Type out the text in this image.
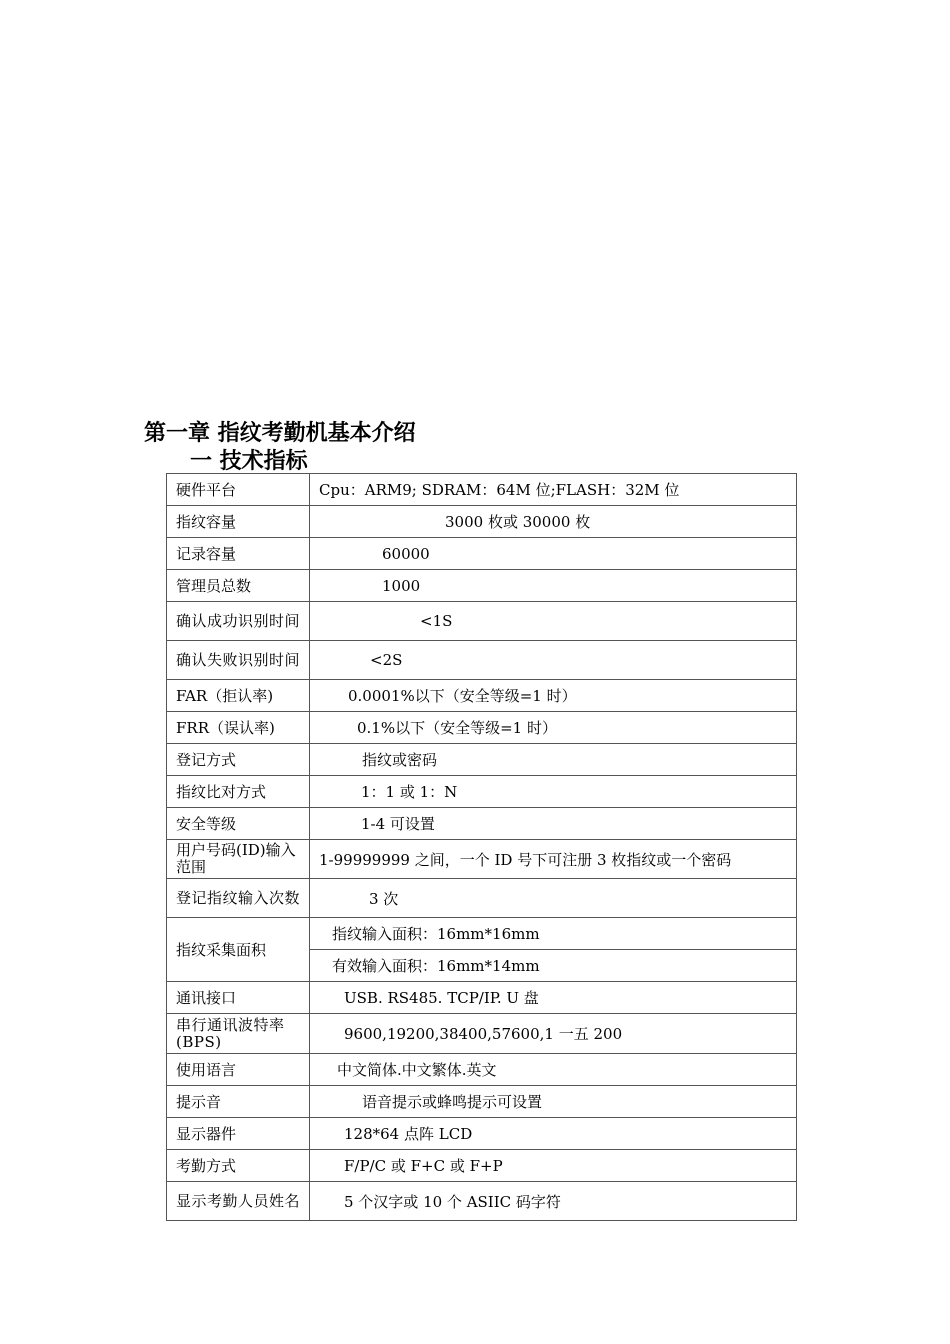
第一章 指纹考勤机基本介绍
一 技术指标
硬件平台	Cpu：ARM9; SDRAM：64M 位;FLASH：32M 位
指纹容量	3000 枚或 30000 枚
记录容量	60000
管理员总数	1000
确认成功识别时间	<1S
确认失败识别时间	<2S
FAR（拒认率)	0.0001%以下（安全等级=1 时）
FRR（误认率)	0.1%以下（安全等级=1 时）
登记方式	指纹或密码
指纹比对方式	1：1 或 1：N
安全等级	1-4 可设置
用户号码(ID)输入范围	1-99999999 之间，一个 ID 号下可注册 3 枚指纹或一个密码
登记指纹输入次数	3 次
指纹采集面积	指纹输入面积：16mm*16mm
	有效输入面积：16mm*14mm
通讯接口	USB. RS485. TCP/IP. U 盘
串行通讯波特率(BPS)	9600,19200,38400,57600,1 一五 200
使用语言	中文简体.中文繁体.英文
提示音	语音提示或蜂鸣提示可设置
显示器件	128*64 点阵 LCD
考勤方式	F/P/C 或 F+C 或 F+P
显示考勤人员姓名	5 个汉字或 10 个 ASIIC 码字符
